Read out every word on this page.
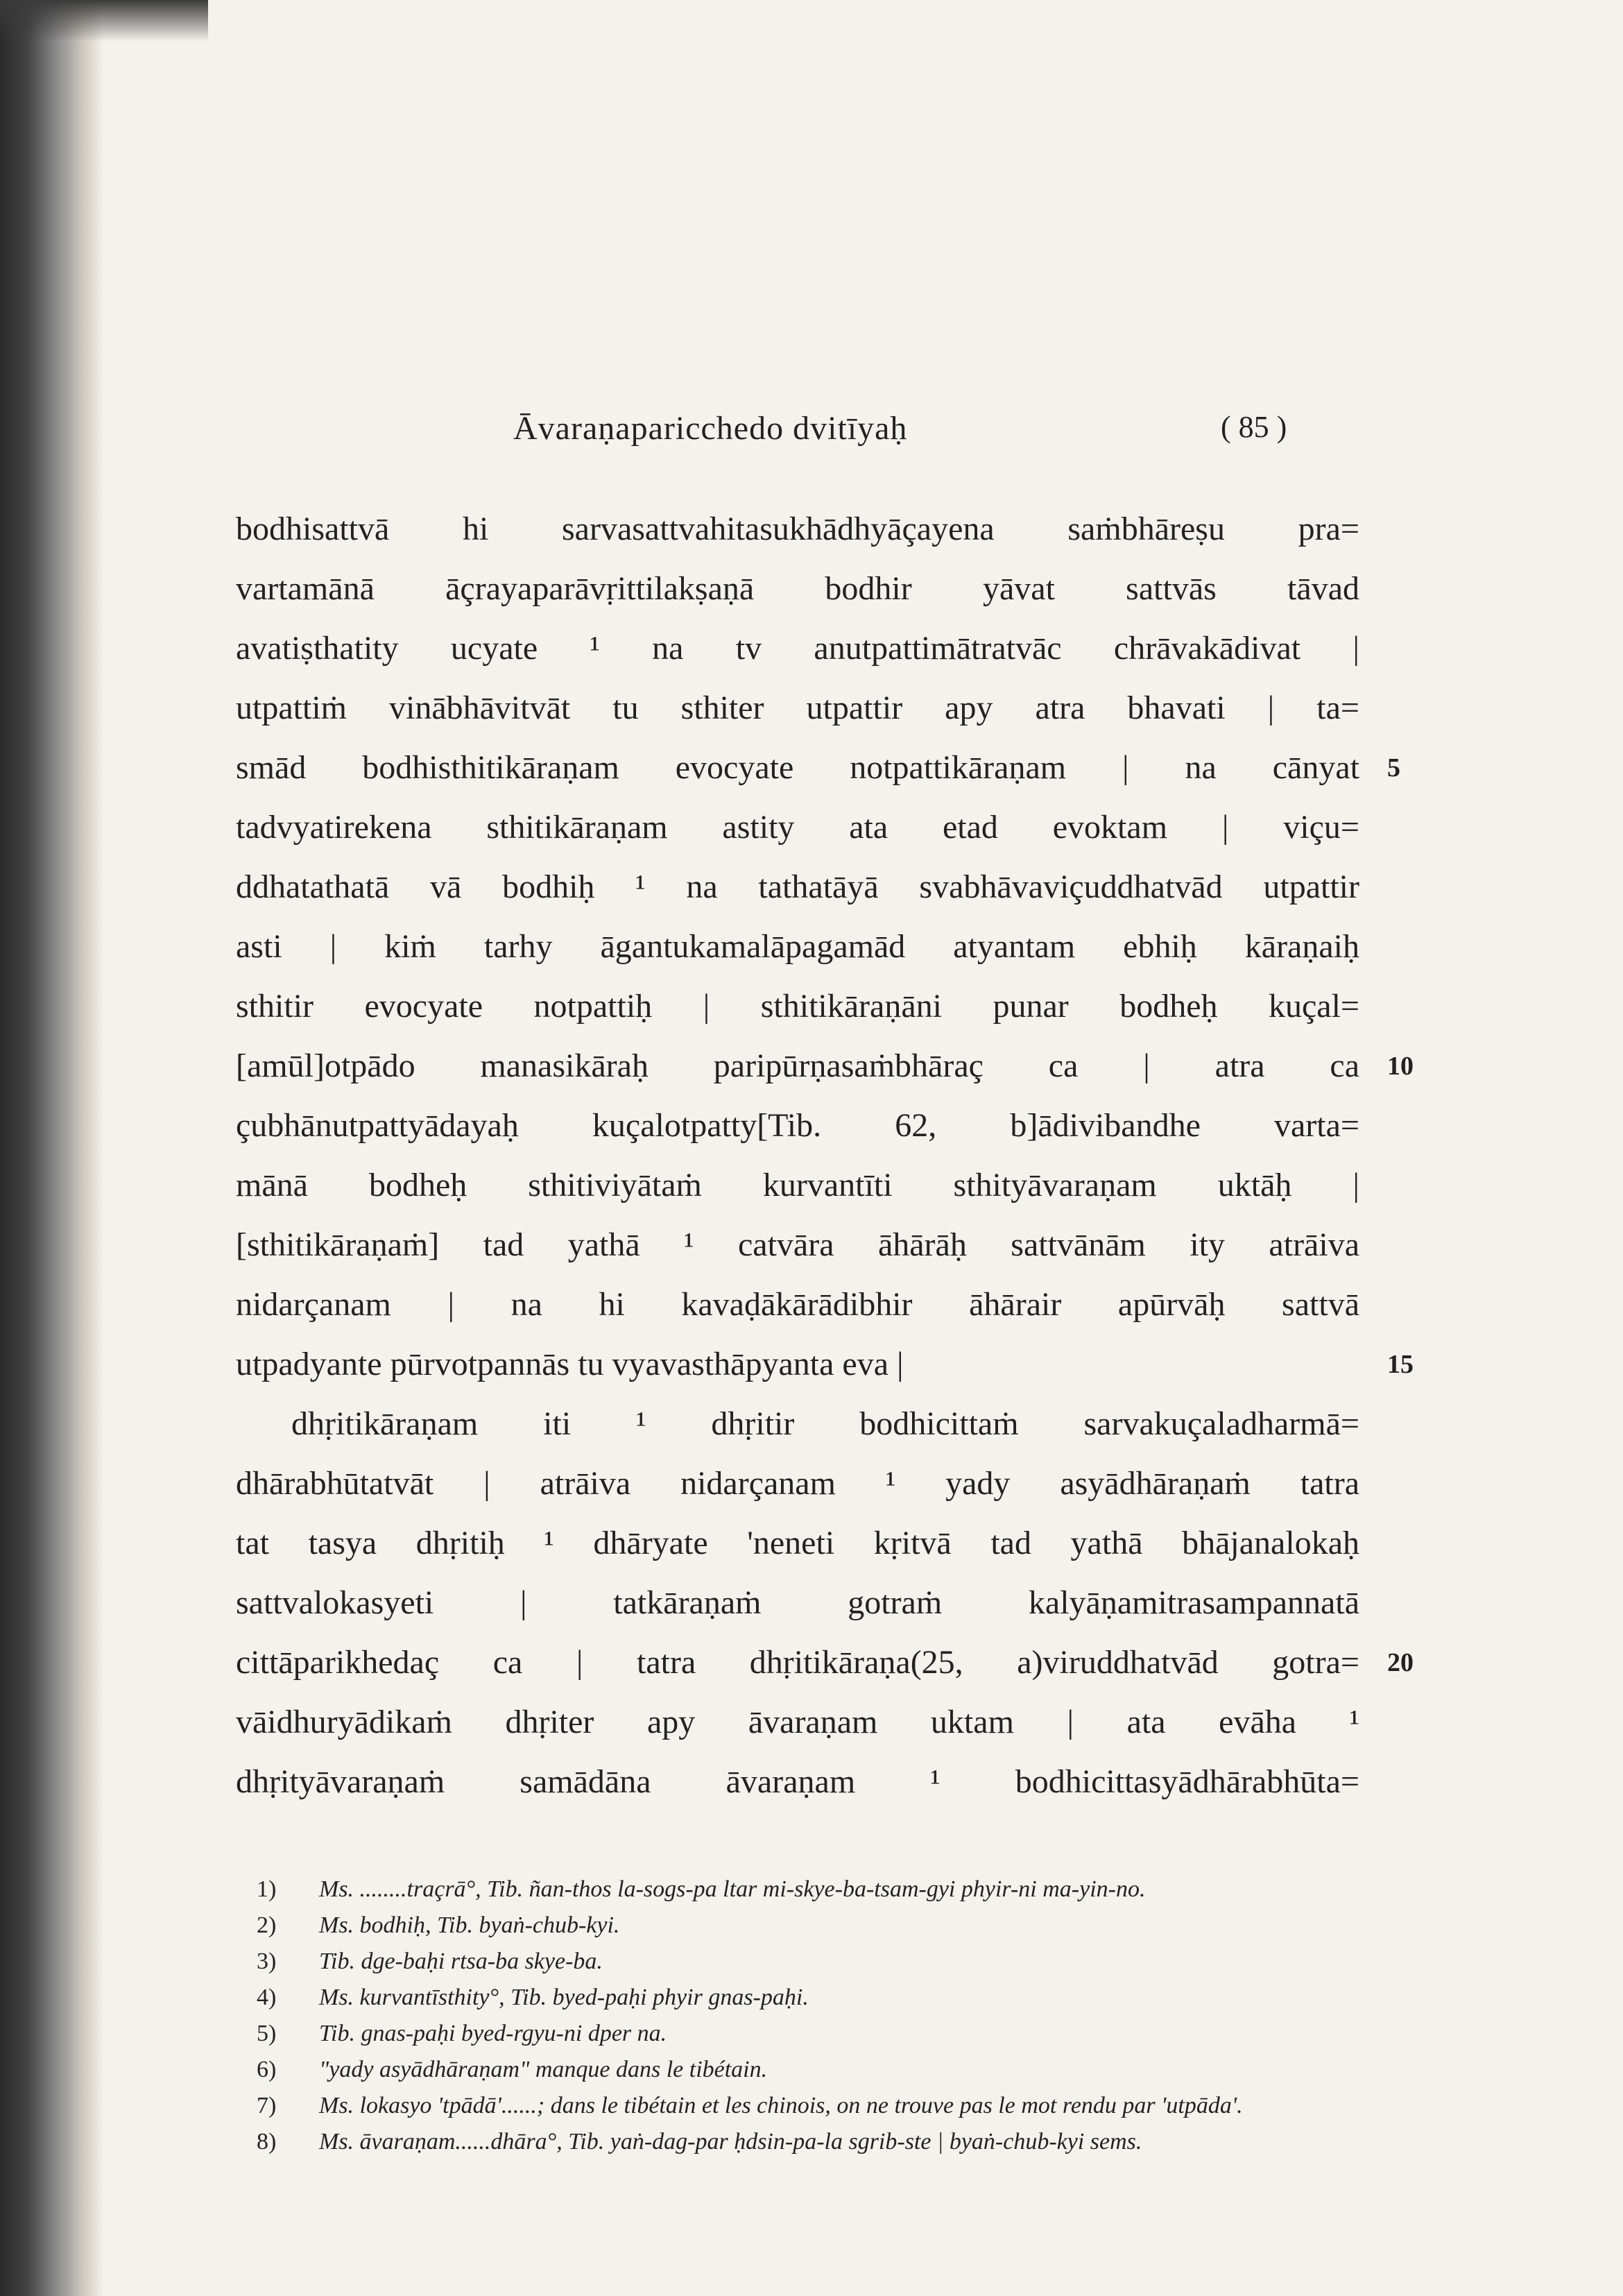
Āvaraṇaparicchedo dvitīyaḥ	( 85 )
bodhisattvā hi sarvasattvahitasukhādhyāçayena saṁbhāreṣu pra=
vartamānā āçrayaparāvṛittilakṣaṇā bodhir yāvat sattvās tāvad
avatiṣthatity ucyate ¹ na tv anutpattimātratvāc chrāvakādivat |
utpattiṁ vinābhāvitvāt tu sthiter utpattir apy atra bhavati | ta=
smād bodhisthitikāraṇam evocyate notpattikāraṇam | na cānyat 5
tadvyatirekena sthitikāraṇam astity ata etad evoktam | viçu=
ddhatathatā vā bodhiḥ ¹ na tathatāyā svabhāvaviçuddhatvād utpattir
asti | kiṁ tarhy āgantukamalāpagamād atyantam ebhiḥ kāraṇaiḥ
sthitir evocyate notpattiḥ | sthitikāraṇāni punar bodheḥ kuçal=
[amūl]otpādo manasikāraḥ paripūrṇasaṁbhāraç ca | atra ca 10
çubhānutpattyādayaḥ kuçalotpatty[Tib. 62, b]ādivibandhe varta=
mānā bodheḥ sthitiviyātaṁ kurvantīti sthityāvaraṇam uktāḥ |
[sthitikāraṇaṁ] tad yathā ¹ catvāra āhārāḥ sattvānām ity atrāiva
nidarçanam | na hi kavaḍākārādibhir āhārair apūrvāḥ sattvā
utpadyante pūrvotpannās tu vyavasthāpyanta eva |	15
dhṛitikāraṇam iti ¹ dhṛitir bodhicittaṁ sarvakuçaladharmā=
dhārabhūtatvāt | atrāiva nidarçanam ¹ yady asyādhāraṇaṁ tatra
tat tasya dhṛitiḥ ¹ dhāryate 'neneti kṛitvā tad yathā bhājanalokaḥ
sattvalokasyeti | tatkāraṇaṁ gotraṁ kalyāṇamitrasampannatā
cittāparikhedaç ca | tatra dhṛitikāraṇa(25, a)viruddhatvād gotra= 20
vāidhuryādikaṁ dhṛiter apy āvaraṇam uktam | ata evāha ¹
dhṛityāvaraṇaṁ samādāna āvaraṇam ¹ bodhicittasyādhārabhūta=
1)	Ms. ........traçrā°, Tib. ñan-thos la-sogs-pa ltar mi-skye-ba-tsam-gyi phyir-ni ma-yin-no.
2)	Ms. bodhiḥ, Tib. byaṅ-chub-kyi.
3)	Tib. dge-baḥi rtsa-ba skye-ba.
4)	Ms. kurvantīsthity°, Tib. byed-paḥi phyir gnas-paḥi.
5)	Tib. gnas-paḥi byed-rgyu-ni dper na.
6)	"yady asyādhāraṇam" manque dans le tibétain.
7)	Ms. lokasyo 'tpādā'......; dans le tibétain et les chinois, on ne trouve pas le mot rendu par 'utpāda'.
8)	Ms. āvaraṇam......dhāra°, Tib. yaṅ-dag-par ḥdsin-pa-la sgrib-ste | byaṅ-chub-kyi sems.
